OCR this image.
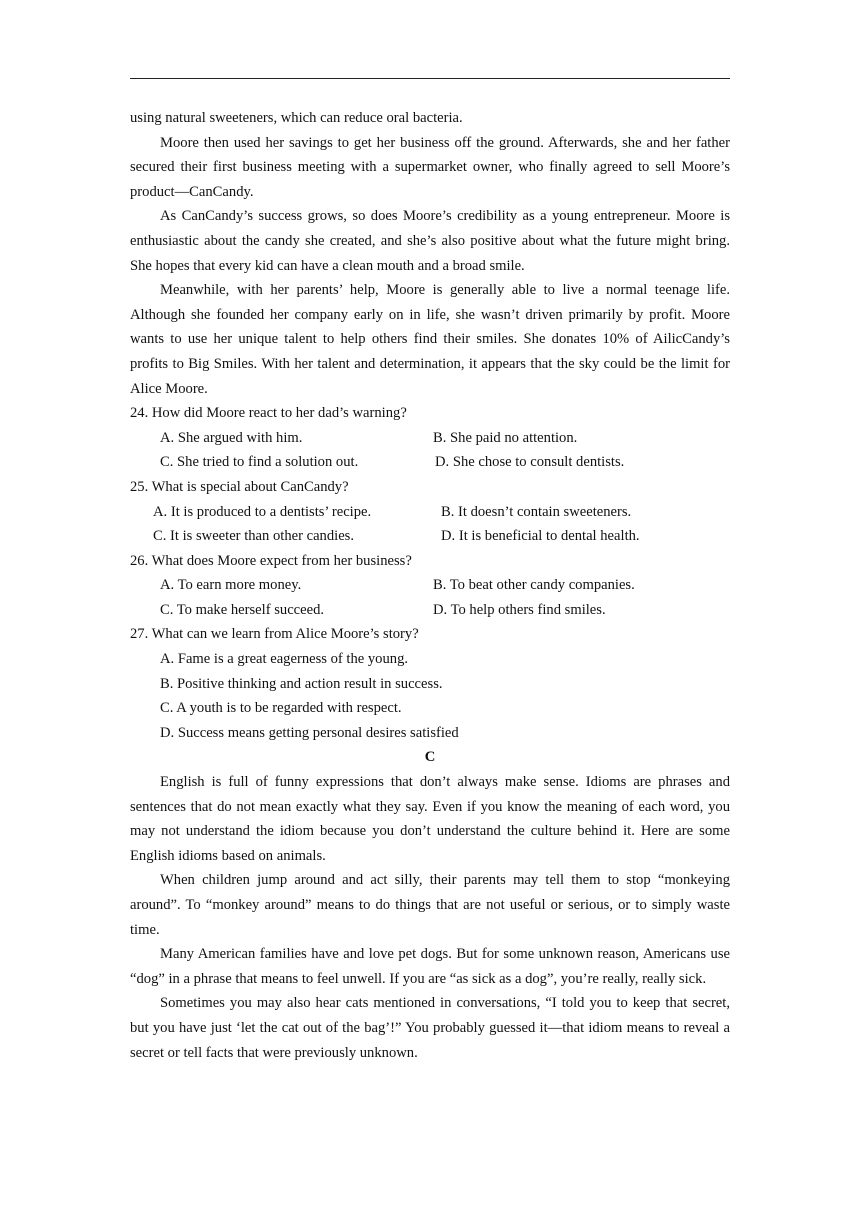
using natural sweeteners, which can reduce oral bacteria.

Moore then used her savings to get her business off the ground. Afterwards, she and her father secured their first business meeting with a supermarket owner, who finally agreed to sell Moore’s product—CanCandy.

As CanCandy’s success grows, so does Moore’s credibility as a young entrepreneur. Moore is enthusiastic about the candy she created, and she’s also positive about what the future might bring. She hopes that every kid can have a clean mouth and a broad smile.

Meanwhile, with her parents’ help, Moore is generally able to live a normal teenage life. Although she founded her company early on in life, she wasn’t driven primarily by profit. Moore wants to use her unique talent to help others find their smiles. She donates 10% of AilicCandy’s profits to Big Smiles. With her talent and determination, it appears that the sky could be the limit for Alice Moore.

24. How did Moore react to her dad’s warning?

A. She argued with him.	B. She paid no attention.
C. She tried to find a solution out.	D. She chose to consult dentists.

25. What is special about CanCandy?

A. It is produced to a dentists’ recipe.	B. It doesn’t contain sweeteners.
C. It is sweeter than other candies.	D. It is beneficial to dental health.

26. What does Moore expect from her business?

A. To earn more money.	B. To beat other candy companies.
C. To make herself succeed.	D. To help others find smiles.

27. What can we learn from Alice Moore’s story?

A. Fame is a great eagerness of the young.

B. Positive thinking and action result in success.

C. A youth is to be regarded with respect.

D. Success means getting personal desires satisfied

C

English is full of funny expressions that don’t always make sense. Idioms are phrases and sentences that do not mean exactly what they say. Even if you know the meaning of each word, you may not understand the idiom because you don’t understand the culture behind it. Here are some English idioms based on animals.

When children jump around and act silly, their parents may tell them to stop “monkeying around”. To “monkey around” means to do things that are not useful or serious, or to simply waste time.

Many American families have and love pet dogs. But for some unknown reason, Americans use “dog” in a phrase that means to feel unwell. If you are “as sick as a dog”, you’re really, really sick.

Sometimes you may also hear cats mentioned in conversations, “I told you to keep that secret, but you have just ‘let the cat out of the bag’!” You probably guessed it—that idiom means to reveal a secret or tell facts that were previously unknown.
